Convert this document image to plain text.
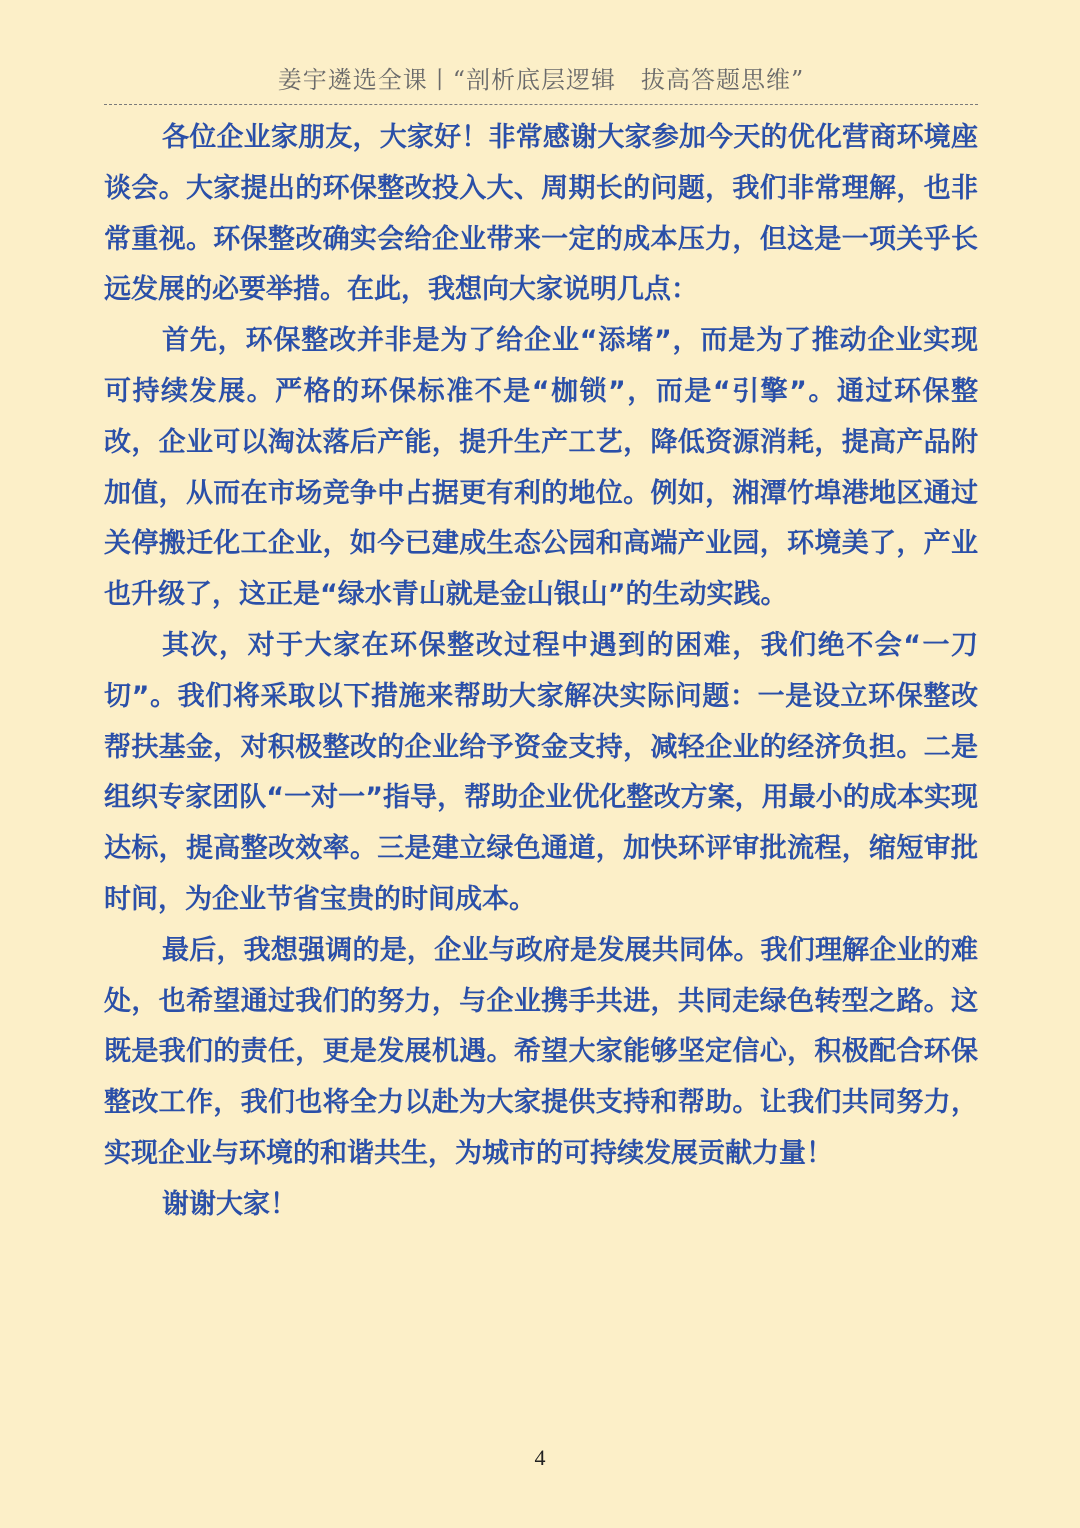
姜宇遴选全课丨“剖析底层逻辑　拔高答题思维”

各位企业家朋友，大家好！非常感谢大家参加今天的优化营商环境座谈会。大家提出的环保整改投入大、周期长的问题，我们非常理解，也非常重视。环保整改确实会给企业带来一定的成本压力，但这是一项关乎长远发展的必要举措。在此，我想向大家说明几点：

首先，环保整改并非是为了给企业“添堵”，而是为了推动企业实现可持续发展。严格的环保标准不是“枷锁”，而是“引擎”。通过环保整改，企业可以淘汰落后产能，提升生产工艺，降低资源消耗，提高产品附加值，从而在市场竞争中占据更有利的地位。例如，湘潭竹埠港地区通过关停搬迁化工企业，如今已建成生态公园和高端产业园，环境美了，产业也升级了，这正是“绿水青山就是金山银山”的生动实践。

其次，对于大家在环保整改过程中遇到的困难，我们绝不会“一刀切”。我们将采取以下措施来帮助大家解决实际问题：一是设立环保整改帮扶基金，对积极整改的企业给予资金支持，减轻企业的经济负担。二是组织专家团队“一对一”指导，帮助企业优化整改方案，用最小的成本实现达标，提高整改效率。三是建立绿色通道，加快环评审批流程，缩短审批时间，为企业节省宝贵的时间成本。

最后，我想强调的是，企业与政府是发展共同体。我们理解企业的难处，也希望通过我们的努力，与企业携手共进，共同走绿色转型之路。这既是我们的责任，更是发展机遇。希望大家能够坚定信心，积极配合环保整改工作，我们也将全力以赴为大家提供支持和帮助。让我们共同努力，实现企业与环境的和谐共生，为城市的可持续发展贡献力量！

谢谢大家！

4
